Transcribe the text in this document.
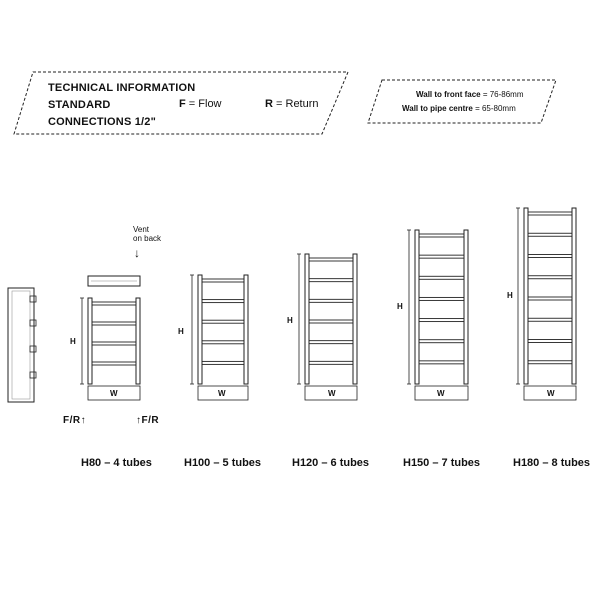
TECHNICAL INFORMATION
STANDARD
CONNECTIONS 1/2"
F = Flow	R = Return
Wall to front face = 76-86mm
Wall to pipe centre = 65-80mm
Vent
on back
↓
F/R↑	↑F/R
H80 – 4 tubes	H100 – 5 tubes	H120 – 6 tubes	H150 – 7 tubes	H180 – 8 tubes
H
H
H
H
H
W	W	W	W	W
